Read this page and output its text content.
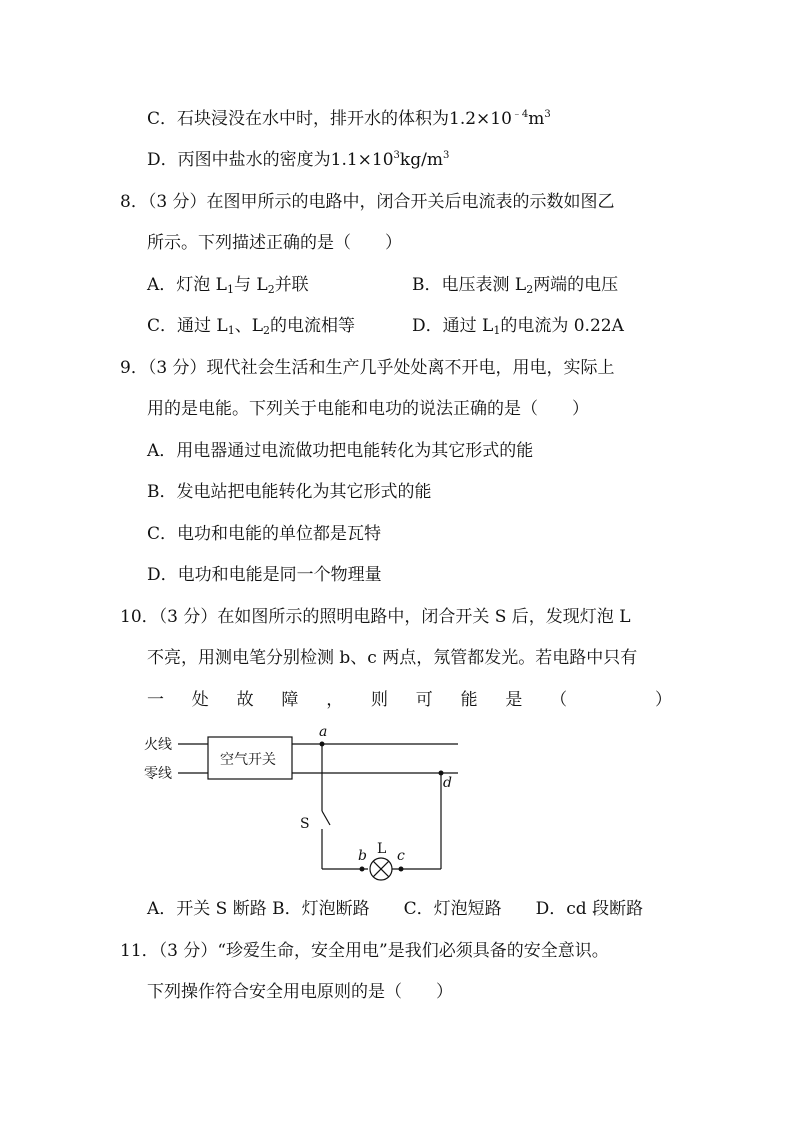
C．石块浸没在水中时，排开水的体积为$1.2\times 10^{﹣4}m^3$
D．丙图中盐水的密度为$1.1\times 10^3kg/m^3$
8．（3 分）在图甲所示的电路中，闭合开关后电流表的示数如图乙
所示。下列描述正确的是（　　）
A．灯泡 $L_1$与 $L_2$并联	B．电压表测 $L_2$两端的电压
C．通过 $L_1$、$L_2$的电流相等	D．通过 $L_1$的电流为 0.22A
9．（3 分）现代社会生活和生产几乎处处离不开电，用电，实际上
用的是电能。下列关于电能和电功的说法正确的是（　　）
A．用电器通过电流做功把电能转化为其它形式的能
B．发电站把电能转化为其它形式的能
C．电功和电能的单位都是瓦特
D．电功和电能是同一个物理量
10．（3 分）在如图所示的照明电路中，闭合开关 S 后，发现灯泡 L
不亮，用测电笔分别检测 b、c 两点，氖管都发光。若电路中只有
一 处 故 障 ， 则 可 能 是 （	）
火线
零线
空气开关
a
d
S
b L c
A．开关 S 断路 B．灯泡断路　　C．灯泡短路　　D．cd 段断路
11．（3 分）“珍爱生命，安全用电”是我们必须具备的安全意识。
下列操作符合安全用电原则的是（　　）
